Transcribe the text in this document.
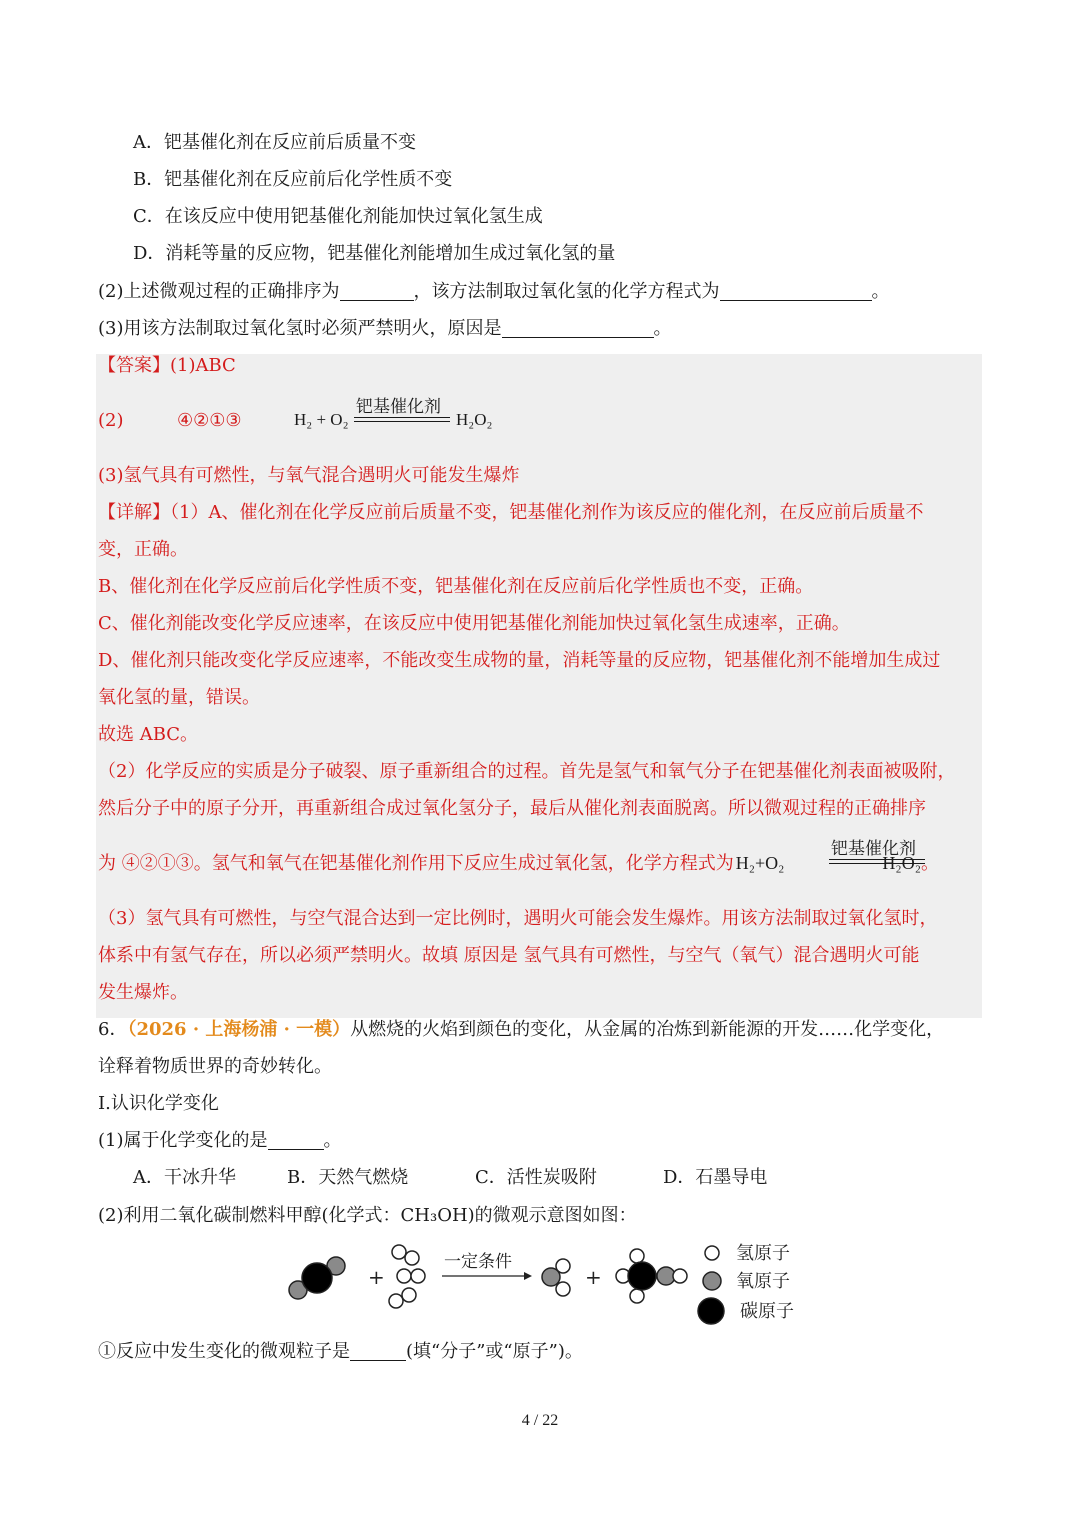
A．钯基催化剂在反应前后质量不变
B．钯基催化剂在反应前后化学性质不变
C．在该反应中使用钯基催化剂能加快过氧化氢生成
D．消耗等量的反应物，钯基催化剂能增加生成过氧化氢的量
(2)上述微观过程的正确排序为	，该方法制取过氧化氢的化学方程式为	。
(3)用该方法制取过氧化氢时必须严禁明火，原因是	。
【答案】(1)ABC
(2)	④②①③
钯基催化剂
H₂ + O₂	H₂O₂
(3)氢气具有可燃性，与氧气混合遇明火可能发生爆炸
【详解】（1）A、催化剂在化学反应前后质量不变，钯基催化剂作为该反应的催化剂，在反应前后质量不
变，正确。
B、催化剂在化学反应前后化学性质不变，钯基催化剂在反应前后化学性质也不变，正确。
C、催化剂能改变化学反应速率，在该反应中使用钯基催化剂能加快过氧化氢生成速率，正确。
D、催化剂只能改变化学反应速率，不能改变生成物的量，消耗等量的反应物，钯基催化剂不能增加生成过
氧化氢的量，错误。
故选 ABC。
（2）化学反应的实质是分子破裂、原子重新组合的过程。首先是氢气和氧气分子在钯基催化剂表面被吸附，
然后分子中的原子分开，再重新组合成过氧化氢分子，最后从催化剂表面脱离。所以微观过程的正确排序
为 ④②①③。氢气和氧气在钯基催化剂作用下反应生成过氧化氢，化学方程式为 H₂+O₂	H₂O₂。
钯基催化剂
（3）氢气具有可燃性，与空气混合达到一定比例时，遇明火可能会发生爆炸。用该方法制取过氧化氢时，
体系中有氢气存在，所以必须严禁明火。故填 原因是 氢气具有可燃性，与空气（氧气）混合遇明火可能
发生爆炸。
6．（2026 · 上海杨浦 · 一模）从燃烧的火焰到颜色的变化，从金属的冶炼到新能源的开发……化学变化，
诠释着物质世界的奇妙转化。
I.认识化学变化
(1)属于化学变化的是	。
A．干冰升华	B．天然气燃烧	C．活性炭吸附	D．石墨导电
(2)利用二氧化碳制燃料甲醇(化学式：CH₃OH)的微观示意图如图：
+	+
一定条件	氢原子
氧原子
碳原子
①反应中发生变化的微观粒子是	(填“分子”或“原子”)。
4 / 22
